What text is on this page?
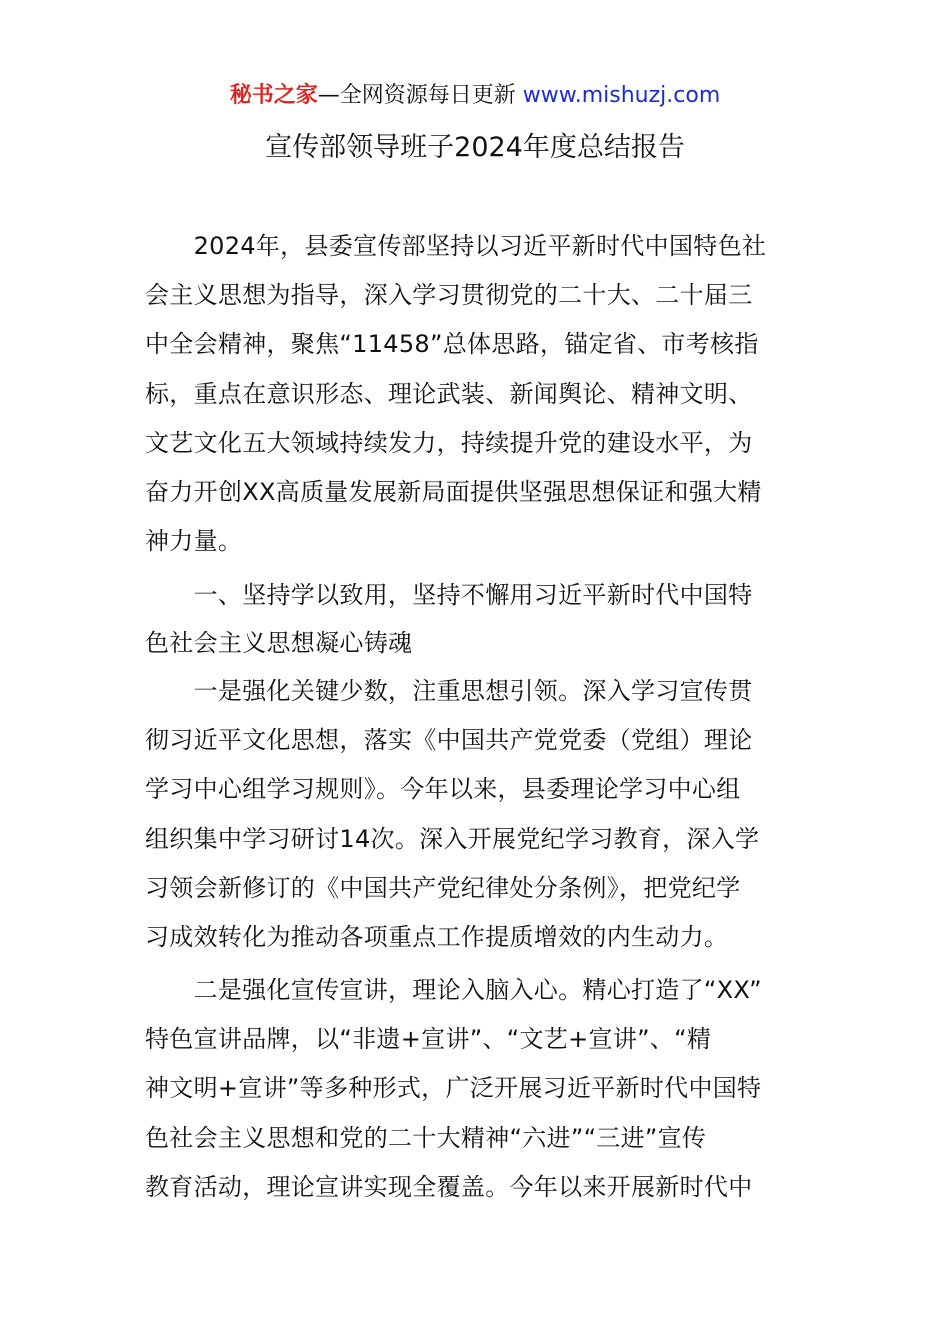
秘书之家—全网资源每日更新 www.mishuzj.com
宣传部领导班子2024年度总结报告
　　2024年，县委宣传部坚持以习近平新时代中国特色社
会主义思想为指导，深入学习贯彻党的二十大、二十届三
中全会精神，聚焦“11458”总体思路，锚定省、市考核指
标，重点在意识形态、理论武装、新闻舆论、精神文明、
文艺文化五大领域持续发力，持续提升党的建设水平，为
奋力开创XX高质量发展新局面提供坚强思想保证和强大精
神力量。
　　一、坚持学以致用，坚持不懈用习近平新时代中国特
色社会主义思想凝心铸魂
　　一是强化关键少数，注重思想引领。深入学习宣传贯
彻习近平文化思想，落实《中国共产党党委（党组）理论
学习中心组学习规则》。今年以来，县委理论学习中心组
组织集中学习研讨14次。深入开展党纪学习教育，深入学
习领会新修订的《中国共产党纪律处分条例》，把党纪学
习成效转化为推动各项重点工作提质增效的内生动力。
　　二是强化宣传宣讲，理论入脑入心。精心打造了“XX”
特色宣讲品牌，以“非遗+宣讲”、“文艺+宣讲”、“精
神文明+宣讲”等多种形式，广泛开展习近平新时代中国特
色社会主义思想和党的二十大精神“六进”“三进”宣传
教育活动，理论宣讲实现全覆盖。今年以来开展新时代中
